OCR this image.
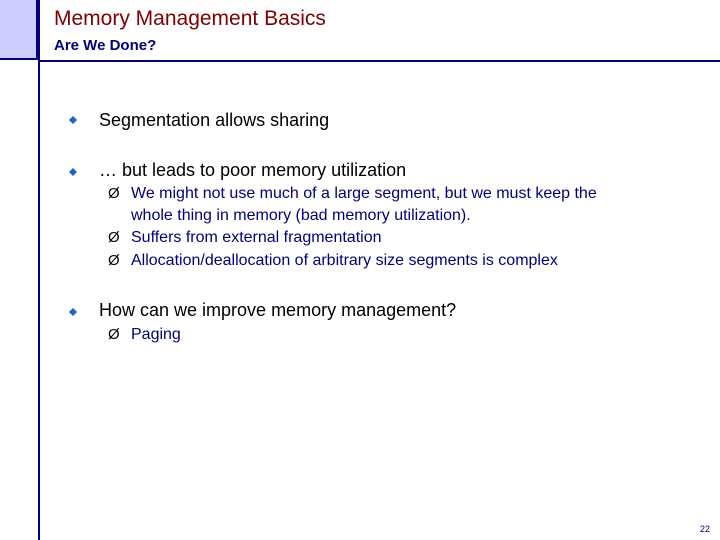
Memory Management Basics
Are We Done?
Segmentation allows sharing
… but leads to poor memory utilization
Ø We might not use much of a large segment, but we must keep the
whole thing in memory (bad memory utilization).
Ø Suffers from external fragmentation
Ø Allocation/deallocation of arbitrary size segments is complex
How can we improve memory management?
Ø Paging
22
